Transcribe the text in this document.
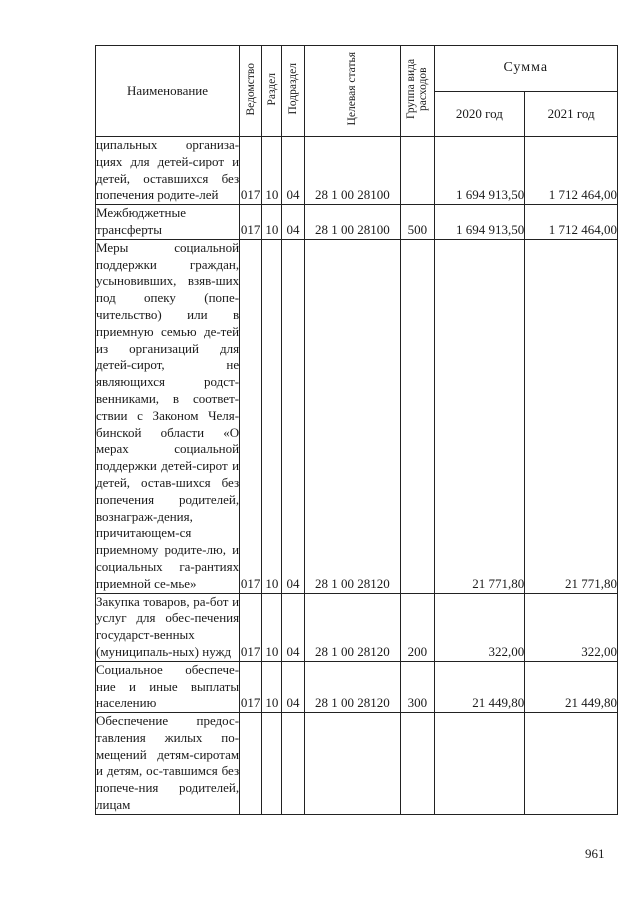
Наименование	Ведомство	Раздел	Подраздел	Целевая статья	Группа вида расходов	Сумма	
						2020 год	2021 год
ципальных организа-циях для детей-сирот и детей, оставшихся без попечения родите-лей	017	10	04	28 1 00 28100		1 694 913,50	1 712 464,00
Межбюджетные трансферты	017	10	04	28 1 00 28100	500	1 694 913,50	1 712 464,00
Меры социальной поддержки граждан, усыновивших, взяв-ших под опеку (попе-чительство) или в приемную семью де-тей из организаций для детей-сирот, не являющихся родст-венниками, в соответ-ствии с Законом Челя-бинской области «О мерах социальной поддержки детей-сирот и детей, остав-шихся без попечения родителей, вознаграж-дения, причитающем-ся приемному родите-лю, и социальных га-рантиях приемной се-мье»	017	10	04	28 1 00 28120		21 771,80	21 771,80
Закупка товаров, ра-бот и услуг для обес-печения государст-венных (муниципаль-ных) нужд	017	10	04	28 1 00 28120	200	322,00	322,00
Социальное обеспече-ние и иные выплаты населению	017	10	04	28 1 00 28120	300	21 449,80	21 449,80
Обеспечение предос-тавления жилых по-мещений детям-сиротам и детям, ос-тавшимся без попече-ния родителей, лицам							
961
